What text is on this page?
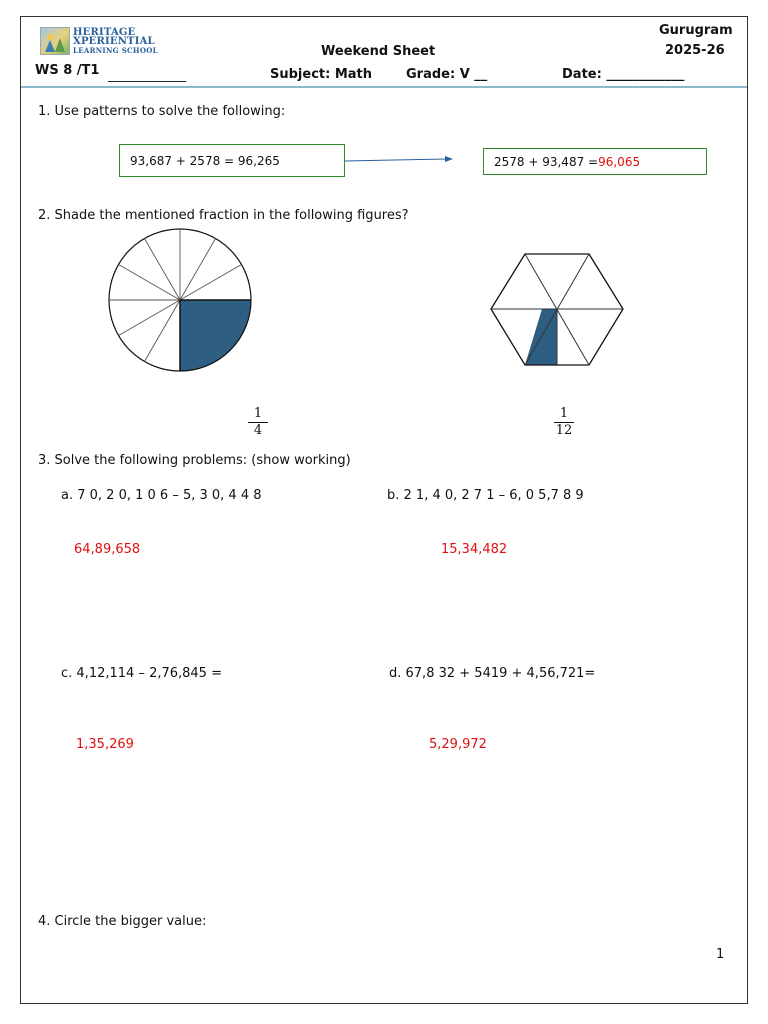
HERITAGE
XPERIENTIAL
LEARNING SCHOOL
Gurugram
2025-26
Weekend Sheet
WS 8 /T1 ____________	Subject: Math	Grade: V __	Date: ____________
1. Use patterns to solve the following:
93,687 + 2578 = 96,265	2578 + 93,487 = 96,065
2. Shade the mentioned fraction in the following figures?
1
4
1
12
3. Solve the following problems: (show working)
a. 7 0, 2 0, 1 0 6 – 5, 3 0, 4 4 8
64,89,658
b. 2 1, 4 0, 2 7 1 – 6, 0 5,7 8 9
15,34,482
c. 4,12,114 – 2,76,845 =
1,35,269
d. 67,8 32 + 5419 + 4,56,721=
5,29,972
4. Circle the bigger value:
1
